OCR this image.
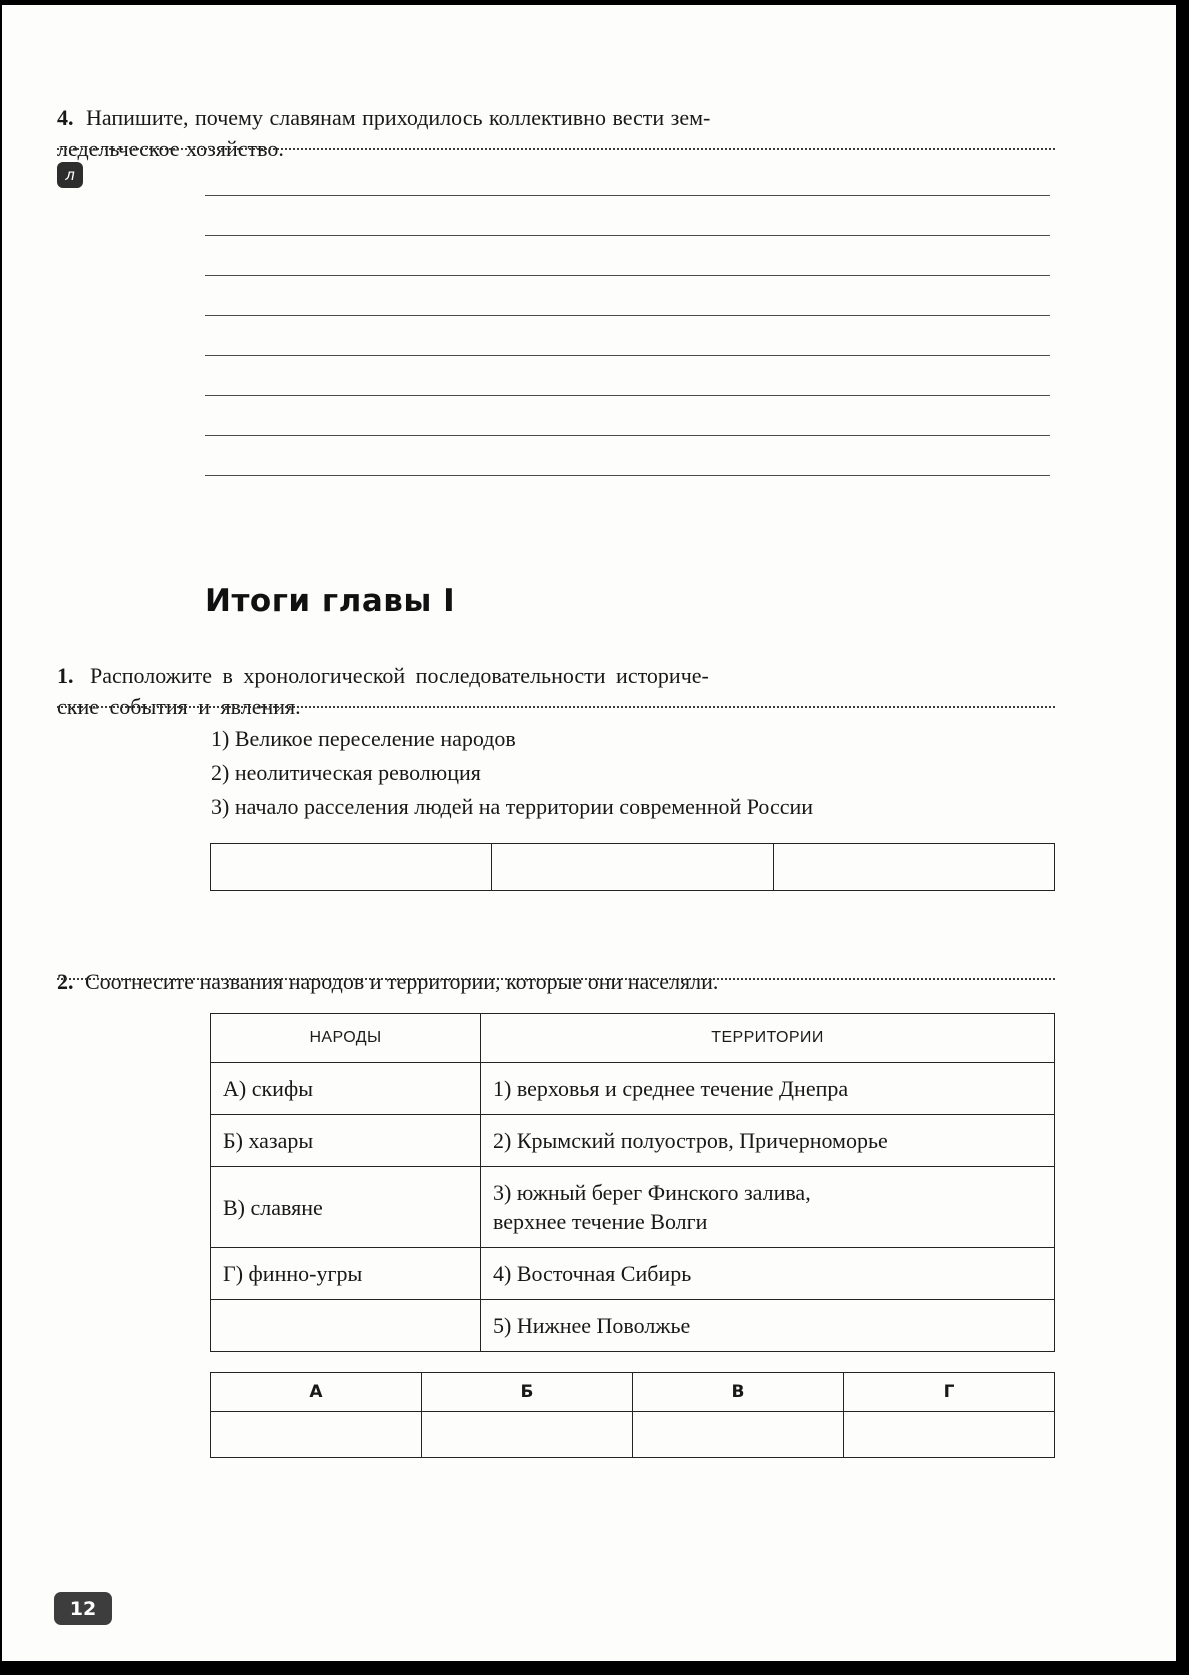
4. Напишите, почему славянам приходилось коллективно вести зем-
ледельческое хозяйство.

л
Итоги главы I

1. Расположите в хронологической последовательности историче-
ские события и явления.

1) Великое переселение народов
2) неолитическая революция
3) начало расселения людей на территории современной России

2. Соотнесите названия народов и территории, которые они населяли.

НАРОДЫ	ТЕРРИТОРИИ
А) скифы	1) верховья и среднее течение Днепра
Б) хазары	2) Крымский полуостров, Причерноморье
В) славяне	3) южный берег Финского залива,
верхнее течение Волги
Г) финно-угры	4) Восточная Сибирь
	5) Нижнее Поволжье
А	Б	В	Г

12
